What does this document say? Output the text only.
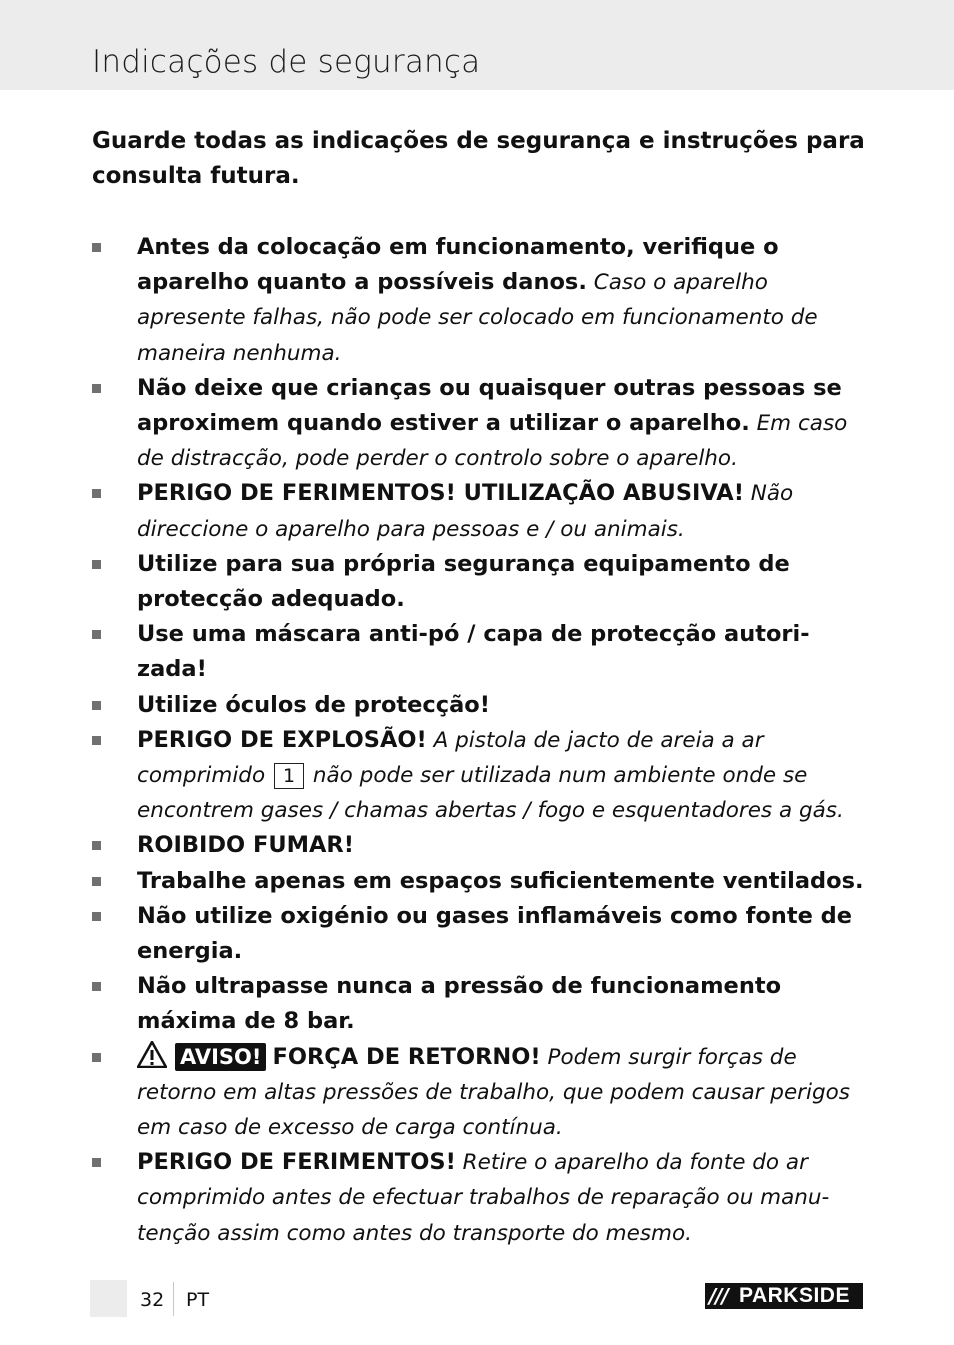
Indicações de segurança
Guarde todas as indicações de segurança e instruções para consulta futura.
Antes da colocação em funcionamento, verifique o aparelho quanto a possíveis danos. Caso o aparelho apresente falhas, não pode ser colocado em funcionamento de maneira nenhuma.
Não deixe que crianças ou quaisquer outras pessoas se aproximem quando estiver a utilizar o aparelho. Em caso de distracção, pode perder o controlo sobre o aparelho.
PERIGO DE FERIMENTOS! UTILIZAÇÃO ABUSIVA! Não direccione o aparelho para pessoas e / ou animais.
Utilize para sua própria segurança equipamento de protecção adequado.
Use uma máscara anti-pó / capa de protecção autori-zada!
Utilize óculos de protecção!
PERIGO DE EXPLOSÃO! A pistola de jacto de areia a ar comprimido 1 não pode ser utilizada num ambiente onde se encontrem gases / chamas abertas / fogo e esquentadores a gás.
ROIBIDO FUMAR!
Trabalhe apenas em espaços suficientemente ventilados.
Não utilize oxigénio ou gases inflamáveis como fonte de energia.
Não ultrapasse nunca a pressão de funcionamento máxima de 8 bar.
AVISO! FORÇA DE RETORNO! Podem surgir forças de retorno em altas pressões de trabalho, que podem causar perigos em caso de excesso de carga contínua.
PERIGO DE FERIMENTOS! Retire o aparelho da fonte do ar comprimido antes de efectuar trabalhos de reparação ou manu-tenção assim como antes do transporte do mesmo.
32 PT	/// PARKSIDE
